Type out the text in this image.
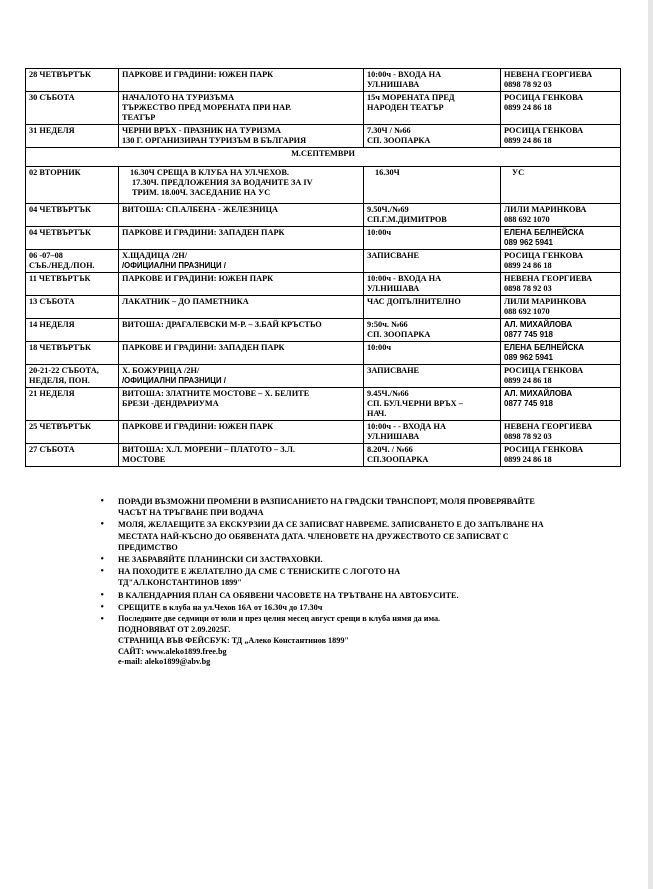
28 ЧЕТВЪРТЪК	ПАРКОВЕ И ГРАДИНИ: ЮЖЕН ПАРК	10:00ч - ВХОДА НА
УЛ.НИШАВА	НЕВЕНА ГЕОРГИЕВА
0898 78 92 03

30 СЪБОТА	НАЧАЛОТО НА ТУРИЗЪМА
ТЪРЖЕСТВО ПРЕД МОРЕНАТА ПРИ НАР.
ТЕАТЪР	15ч МОРЕНАТА ПРЕД
НАРОДЕН ТЕАТЪР	РОСИЦА ГЕНКОВА
0899 24 86 18

31 НЕДЕЛЯ	ЧЕРНИ ВРЪХ - ПРАЗНИК НА ТУРИЗМА
130 Г. ОРГАНИЗИРАН ТУРИЗЪМ В БЪЛГАРИЯ	7.30Ч / №66
СП. ЗООПАРКА	РОСИЦА ГЕНКОВА
0899 24 86 18

М.СЕПТЕМВРИ			

02 ВТОРНИК	16.30Ч СРЕЩА В КЛУБА НА УЛ.ЧЕХОВ.
17.30Ч. ПРЕДЛОЖЕНИЯ ЗА ВОДАЧИТЕ ЗА IV
ТРИМ. 18.00Ч. ЗАСЕДАНИЕ НА УС	16.30Ч	УС

04 ЧЕТВЪРТЪК	ВИТОША: СП.АЛБЕНА - ЖЕЛЕЗНИЦА	9.50Ч./№69
СП.Г.М.ДИМИТРОВ	ЛИЛИ МАРИНКОВА
088 692 1070

04 ЧЕТВЪРТЪК	ПАРКОВЕ И ГРАДИНИ: ЗАПАДЕН ПАРК	10:00ч	ЕЛЕНА БЕЛНЕЙСКА
089 962 5941

06 -07–08
СЪБ./НЕД./ПОН.	Х.ЩАДИЦА /2Н/
/ОФИЦИАЛНИ ПРАЗНИЦИ /	ЗАПИСВАНЕ	РОСИЦА ГЕНКОВА
0899 24 86 18

11 ЧЕТВЪРТЪК	ПАРКОВЕ И ГРАДИНИ: ЮЖЕН ПАРК	10:00ч - ВХОДА НА
УЛ.НИШАВА	НЕВЕНА ГЕОРГИЕВА
0898 78 92 03

13 СЪБОТА	ЛАКАТНИК – ДО ПАМЕТНИКА	ЧАС ДОПЪЛНИТЕЛНО	ЛИЛИ МАРИНКОВА
088 692 1070

14 НЕДЕЛЯ	ВИТОША: ДРАГАЛЕВСКИ М-Р. – З.БАЙ КРЪСТЬО	9:50ч. №66
СП. ЗООПАРКА	АЛ. МИХАЙЛОВА
0877 745 918

18 ЧЕТВЪРТЪК	ПАРКОВЕ И ГРАДИНИ: ЗАПАДЕН ПАРК	10:00ч	ЕЛЕНА БЕЛНЕЙСКА
089 962 5941

20-21-22 СЪБОТА,
НЕДЕЛЯ, ПОН.	Х. БОЖУРИЦА /2Н/
/ОФИЦИАЛНИ ПРАЗНИЦИ /	ЗАПИСВАНЕ	РОСИЦА ГЕНКОВА
0899 24 86 18

21 НЕДЕЛЯ	ВИТОША: ЗЛАТНИТЕ МОСТОВЕ – Х. БЕЛИТЕ
БРЕЗИ -ДЕНДРАРИУМА	9.45Ч./№66
СП. БУЛ.ЧЕРНИ ВРЪХ –
НАЧ.	АЛ. МИХАЙЛОВА
0877 745 918

25 ЧЕТВЪРТЪК	ПАРКОВЕ И ГРАДИНИ: ЮЖЕН ПАРК	10:00ч - - ВХОДА НА
УЛ.НИШАВА	НЕВЕНА ГЕОРГИЕВА
0898 78 92 03

27 СЪБОТА	ВИТОША: Х.Л. МОРЕНИ – ПЛАТОТО – З.Л.
МОСТОВЕ	8.20Ч. / №66
СП.ЗООПАРКА	РОСИЦА ГЕНКОВА
0899 24 86 18
• ПОРАДИ ВЪЗМОЖНИ ПРОМЕНИ В РАЗПИСАНИЕТО НА ГРАДСКИ ТРАНСПОРТ, МОЛЯ ПРОВЕРЯВАЙТЕ
ЧАСЪТ НА ТРЪГВАНЕ ПРИ ВОДАЧА
• МОЛЯ, ЖЕЛАЕЩИТЕ ЗА ЕКСКУРЗИИ ДА СЕ ЗАПИСВАТ НАВРЕМЕ. ЗАПИСВАНЕТО Е ДО ЗАПЪЛВАНЕ НА
МЕСТАТА НАЙ-КЪСНО ДО ОБЯВЕНАТА ДАТА. ЧЛЕНОВЕТЕ НА ДРУЖЕСТВОТО СЕ ЗАПИСВАТ С
ПРЕДИМСТВО
• НЕ ЗАБРАВЯЙТЕ ПЛАНИНСКИ СИ ЗАСТРАХОВКИ.
• НА ПОХОДИТЕ Е ЖЕЛАТЕЛНО ДА СМЕ С ТЕНИСКИТЕ С ЛОГОТО НА
ТД"АЛ.КОНСТАНТИНОВ 1899"
• В КАЛЕНДАРНИЯ ПЛАН СА ОБЯВЕНИ ЧАСОВЕТЕ НА ТРЪТВАНЕ НА АВТОБУСИТЕ.
• СРЕЩИТЕ в клуба на ул.Чехов 16А от 16.30ч до 17.30ч
• Последните две седмици от юли и през целия месец август срещи в клуба нямя да има.
ПОДНОВЯВАТ ОТ 2.09.2025Г.
СТРАНИЦА ВЪВ ФЕЙСБУК: ТД „Алеко Константинов 1899"
САЙТ: www.aleko1899.free.bg
e-mail: aleko1899@abv.bg
